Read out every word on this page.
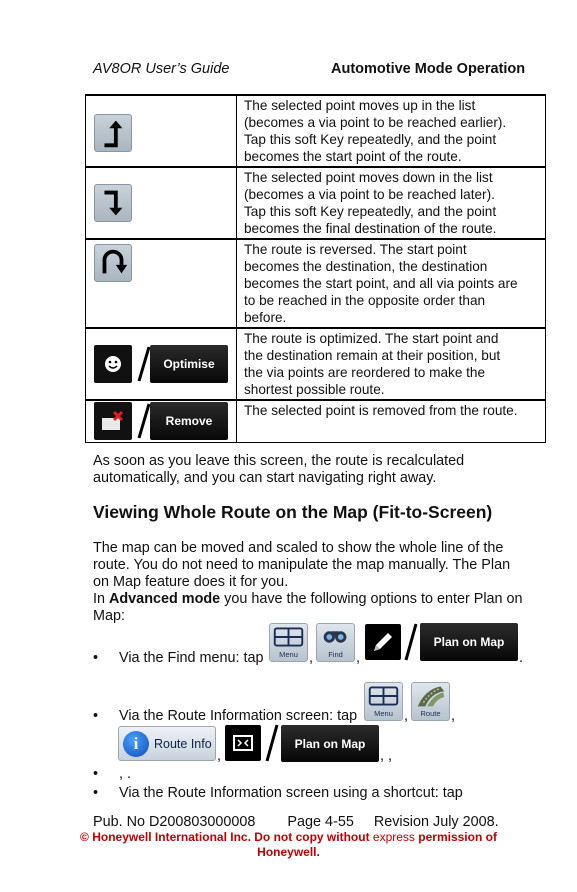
AV8OR User’s Guide	Automotive Mode Operation

The selected point moves up in the list
(becomes a via point to be reached earlier).
Tap this soft Key repeatedly, and the point
becomes the start point of the route.

The selected point moves down in the list
(becomes a via point to be reached later).
Tap this soft Key repeatedly, and the point
becomes the final destination of the route.

The route is reversed. The start point
becomes the destination, the destination
becomes the start point, and all via points are
to be reached in the opposite order than
before.

Optimise	The route is optimized. The start point and
the destination remain at their position, but
the via points are reordered to make the
shortest possible route.

Remove	The selected point is removed from the route.
As soon as you leave this screen, the route is recalculated
automatically, and you can start navigating right away.
Viewing Whole Route on the Map (Fit-to-Screen)
The map can be moved and scaled to show the whole line of the
route. You do not need to manipulate the map manually. The Plan
on Map feature does it for you.
In Advanced mode you have the following options to enter Plan on
Map:
• Via the Find menu: tap	Menu ,	Find ,
Plan on Map
.
• Via the Route Information screen: tap	Menu ,	Route ,
i	Route Info
,
Plan on Map
, ,
• , .
• Via the Route Information screen using a shortcut: tap
Pub. No D200803000008        Page 4-55     Revision July 2008.
© Honeywell International Inc. Do not copy without express permission of
Honeywell.
